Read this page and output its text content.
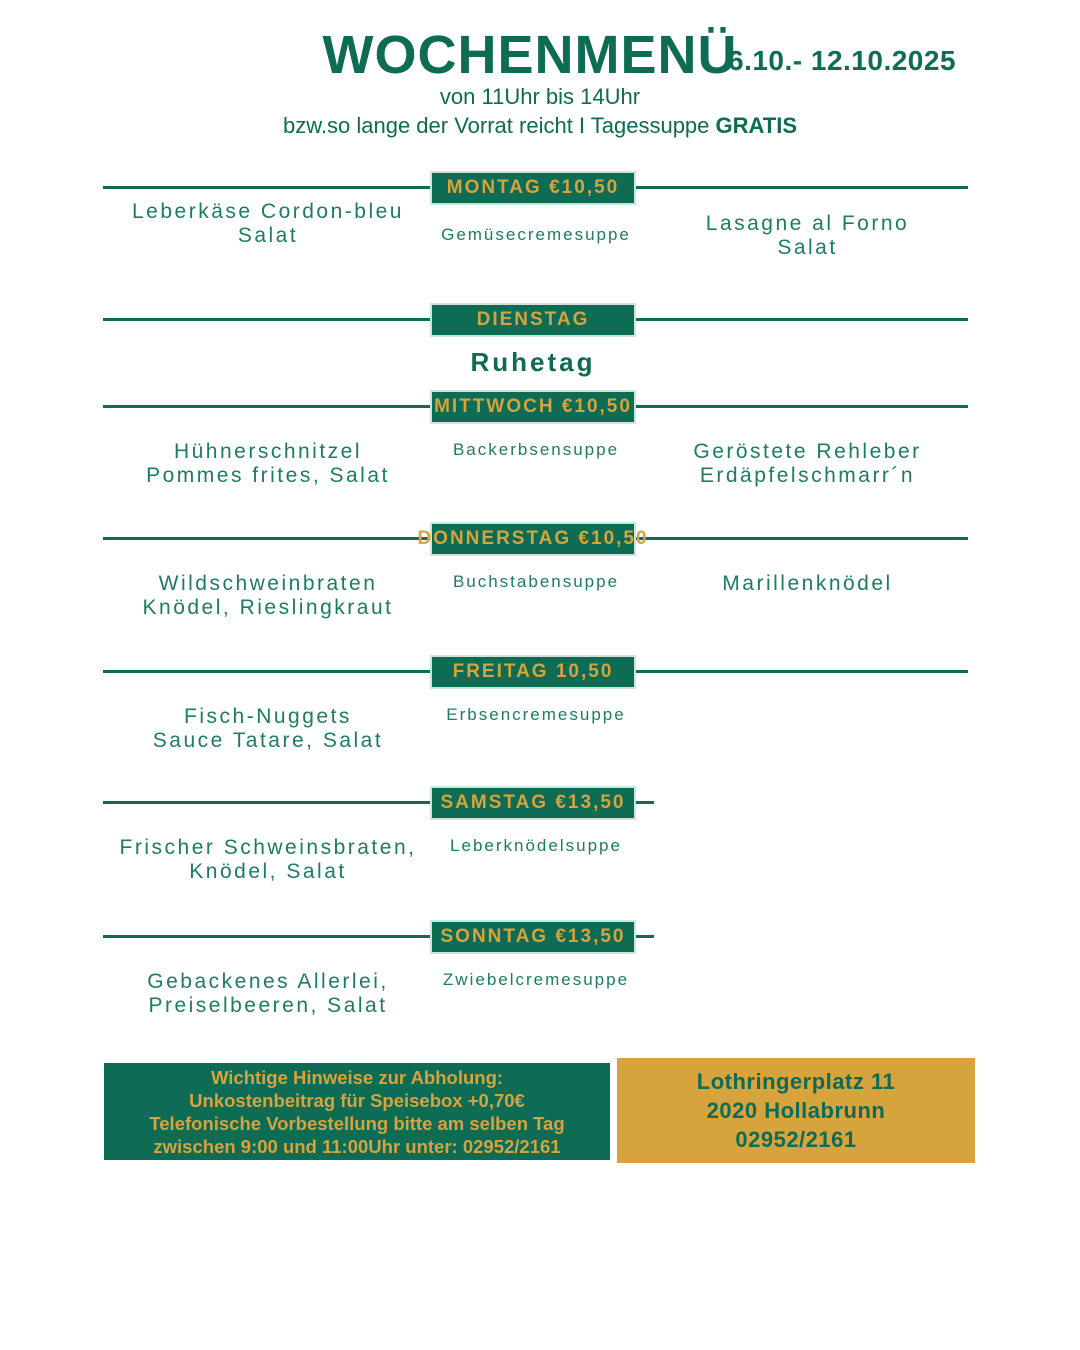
WOCHENMENÜ
6.10.- 12.10.2025
von 11Uhr bis 14Uhr
bzw.so lange der Vorrat reicht I Tagessuppe GRATIS
MONTAG €10,50
Leberkäse Cordon-bleu
Salat	Gemüsecremesuppe	Lasagne al Forno
Salat
DIENSTAG
Ruhetag
MITTWOCH €10,50
Hühnerschnitzel
Pommes frites, Salat
Backerbsensuppe	Geröstete Rehleber
Erdäpfelschmarr´n
DONNERSTAG €10,50
Wildschweinbraten
Knödel, Rieslingkraut
Buchstabensuppe	Marillenknödel
FREITAG 10,50
Fisch-Nuggets
Sauce Tatare, Salat
Erbsencremesuppe
SAMSTAG €13,50
Frischer Schweinsbraten,
Knödel, Salat
Leberknödelsuppe
SONNTAG €13,50
Gebackenes Allerlei,
Preiselbeeren, Salat
Zwiebelcremesuppe
Wichtige Hinweise zur Abholung:
Unkostenbeitrag für Speisebox +0,70€
Telefonische Vorbestellung bitte am selben Tag
zwischen 9:00 und 11:00Uhr unter: 02952/2161
Lothringerplatz 11
2020 Hollabrunn
02952/2161
